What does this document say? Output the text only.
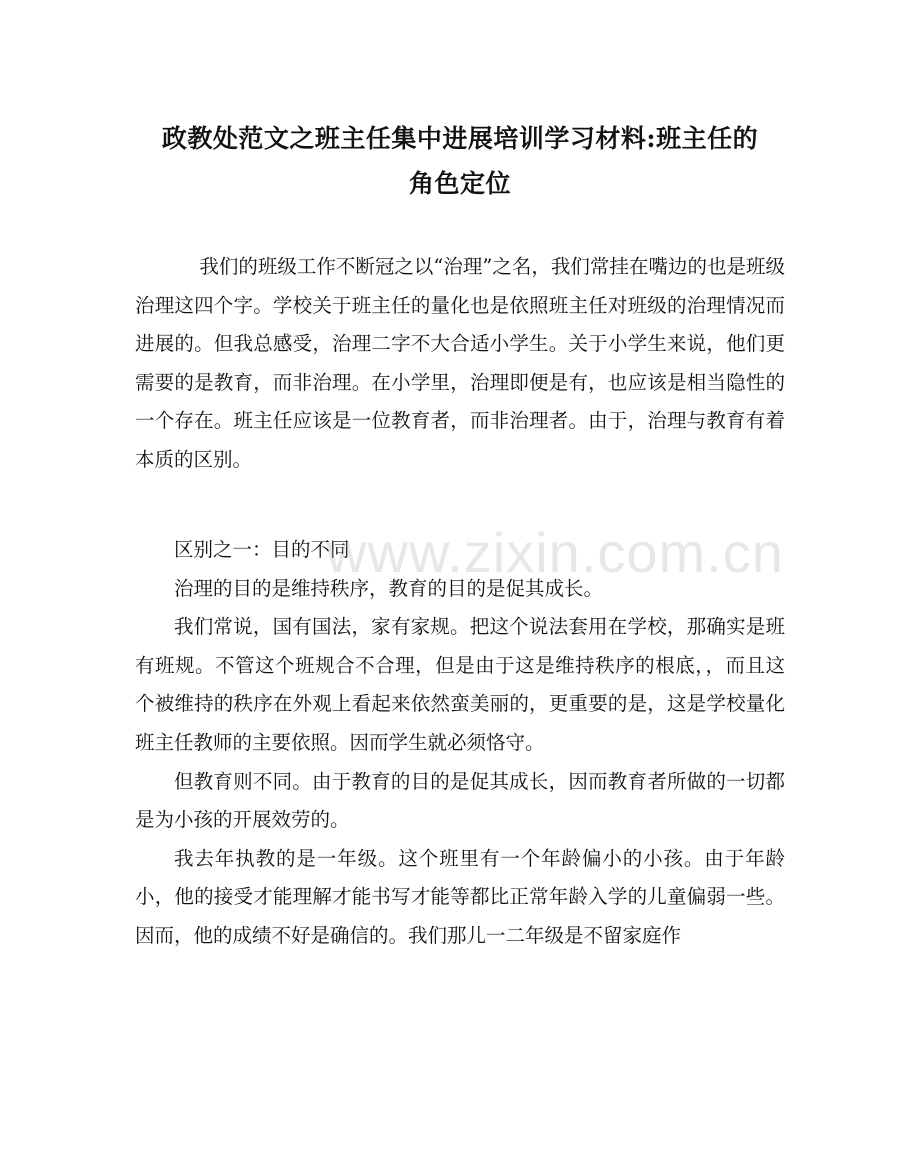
政教处范文之班主任集中进展培训学习材料:班主任的
角色定位

我们的班级工作不断冠之以“治理”之名，我们常挂在嘴边的也是班级治理这四个字。学校关于班主任的量化也是依照班主任对班级的治理情况而进展的。但我总感受，治理二字不大合适小学生。关于小学生来说，他们更需要的是教育，而非治理。在小学里，治理即便是有，也应该是相当隐性的一个存在。班主任应该是一位教育者，而非治理者。由于，治理与教育有着本质的区别。

区别之一：目的不同

治理的目的是维持秩序，教育的目的是促其成长。

我们常说，国有国法，家有家规。把这个说法套用在学校，那确实是班有班规。不管这个班规合不合理，但是由于这是维持秩序的根底，，而且这个被维持的秩序在外观上看起来依然蛮美丽的，更重要的是，这是学校量化班主任教师的主要依照。因而学生就必须恪守。

但教育则不同。由于教育的目的是促其成长，因而教育者所做的一切都是为小孩的开展效劳的。

我去年执教的是一年级。这个班里有一个年龄偏小的小孩。由于年龄小，他的接受才能理解才能书写才能等都比正常年龄入学的儿童偏弱一些。因而，他的成绩不好是确信的。我们那儿一二年级是不留家庭作

www.zixin.com.cn
